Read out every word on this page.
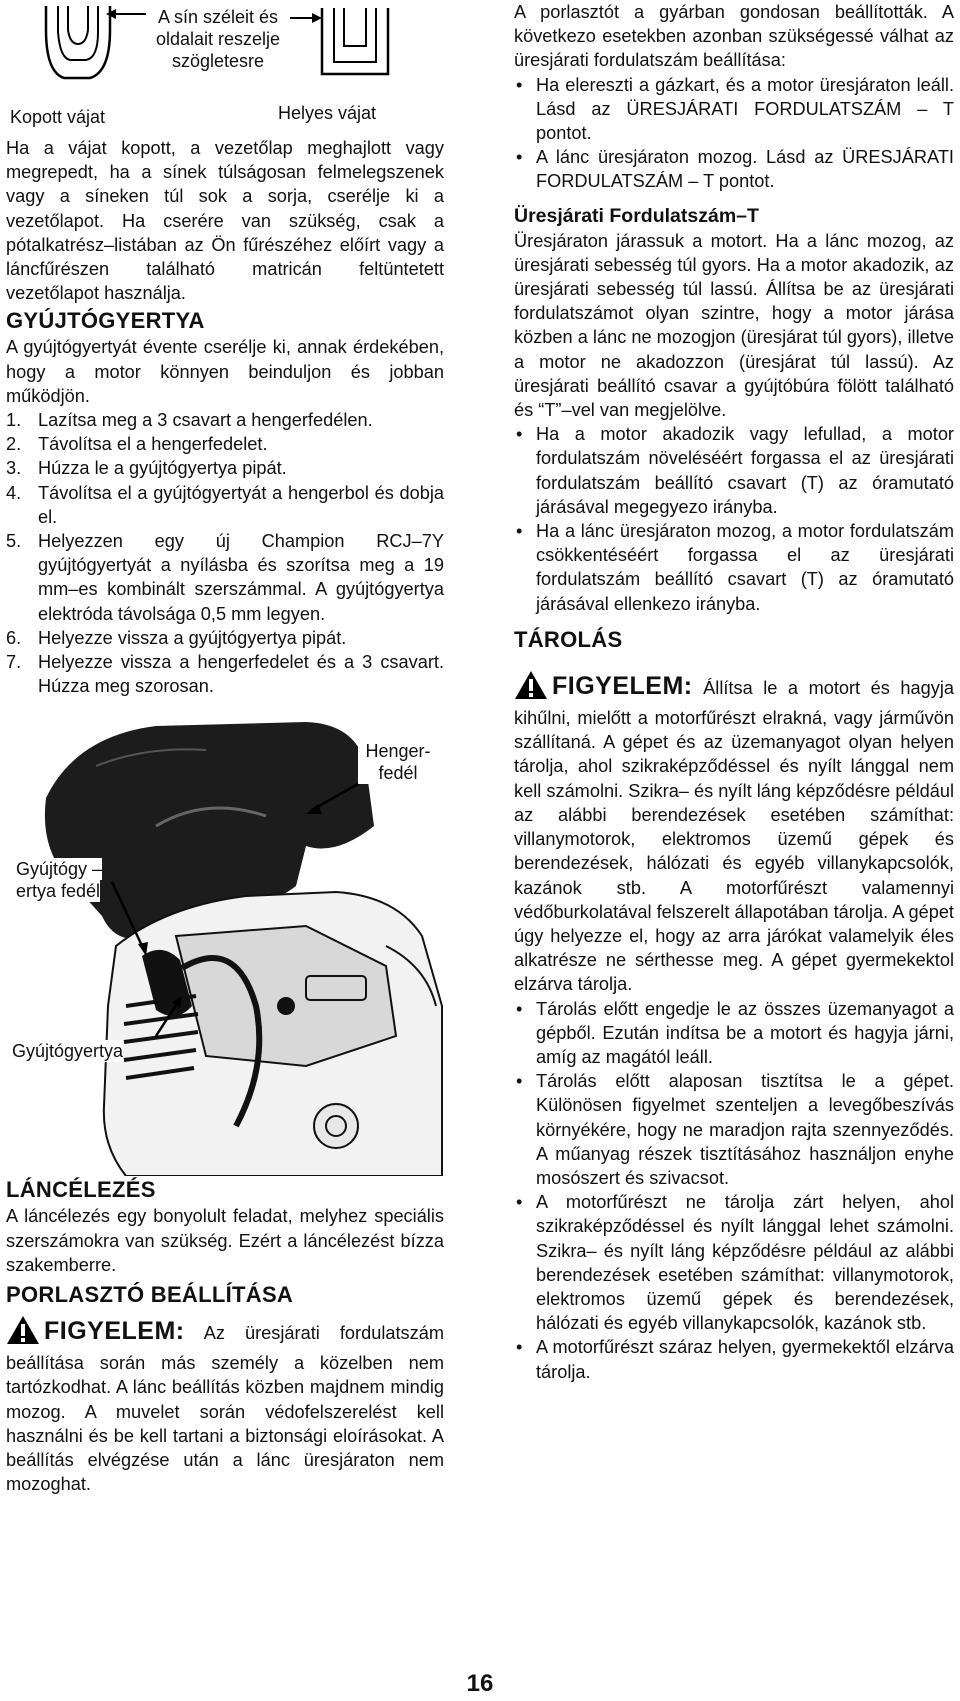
A sín széleit és oldalait reszelje szögletesre
Kopott vájat	Helyes vájat

Ha a vájat kopott, a vezetőlap meghajlott vagy megrepedt, ha a sínek túlságosan felmelegszenek vagy a síneken túl sok a sorja, cserélje ki a vezetőlapot. Ha cserére van szükség, csak a pótalkatrész–listában az Ön fűrészéhez előírt vagy a láncfűrészen található matricán feltüntetett vezetőlapot használja.

GYÚJTÓGYERTYA

A gyújtógyertyát évente cserélje ki, annak érdekében, hogy a motor könnyen beinduljon és jobban működjön.

1. Lazítsa meg a 3 csavart a hengerfedélen.
2. Távolítsa el a hengerfedelet.
3. Húzza le a gyújtógyertya pipát.
4. Távolítsa el a gyújtógyertyát a hengerbol és dobja el.
5. Helyezzen egy új Champion RCJ–7Y gyújtógyertyát a nyílásba és szorítsa meg a 19 mm–es kombinált szerszámmal. A gyújtógyertya elektróda távolsága 0,5 mm legyen.
6. Helyezze vissza a gyújtógyertya pipát.
7. Helyezze vissza a hengerfedelet és a 3 csavart. Húzza meg szorosan.
Henger- fedél
Gyújtógy –
ertya fedél
Gyújtógyertya
LÁNCÉLEZÉS

A láncélezés egy bonyolult feladat, melyhez speciális szerszámokra van szükség. Ezért a láncélezést bízza szakemberre.

PORLASZTÓ BEÁLLÍTÁSA

FIGYELEM: Az üresjárati fordulatszám beállítása során más személy a közelben nem tartózkodhat. A lánc beállítás közben majdnem mindig mozog. A muvelet során védofelszerelést kell használni és be kell tartani a biztonsági eloírásokat. A beállítás elvégzése után a lánc üresjáraton nem mozoghat.

A porlasztót a gyárban gondosan beállították. A következo esetekben azonban szükségessé válhat az üresjárati fordulatszám beállítása:

• Ha elereszti a gázkart, és a motor üresjáraton leáll. Lásd az ÜRESJÁRATI FORDULATSZÁM – T pontot.
• A lánc üresjáraton mozog. Lásd az ÜRESJÁRATI FORDULATSZÁM – T pontot.
Üresjárati Fordulatszám–T

Üresjáraton járassuk a motort. Ha a lánc mozog, az üresjárati sebesség túl gyors. Ha a motor akadozik, az üresjárati sebesség túl lassú. Állítsa be az üresjárati fordulatszámot olyan szintre, hogy a motor járása közben a lánc ne mozogjon (üresjárat túl gyors), illetve a motor ne akadozzon (üresjárat túl lassú). Az üresjárati beállító csavar a gyújtóbúra fölött található és “T”–vel van megjelölve.

• Ha a motor akadozik vagy lefullad, a motor fordulatszám növeléséért forgassa el az üresjárati fordulatszám beállító csavart (T) az óramutató járásával megegyezo irányba.
• Ha a lánc üresjáraton mozog, a motor fordulatszám csökkentéséért forgassa el az üresjárati fordulatszám beállító csavart (T) az óramutató járásával ellenkezo irányba.
TÁROLÁS

FIGYELEM: Állítsa le a motort és hagyja kihűlni, mielőtt a motorfűrészt elrakná, vagy járművön szállítaná. A gépet és az üzemanyagot olyan helyen tárolja, ahol szikraképződéssel és nyílt lánggal nem kell számolni. Szikra– és nyílt láng képződésre például az alábbi berendezések esetében számíthat: villanymotorok, elektromos üzemű gépek és berendezések, hálózati és egyéb villanykapcsolók, kazánok stb. A motorfűrészt valamennyi védőburkolatával felszerelt állapotában tárolja. A gépet úgy helyezze el, hogy az arra járókat valamelyik éles alkatrésze ne sérthesse meg. A gépet gyermekektol elzárva tárolja.

• Tárolás előtt engedje le az összes üzemanyagot a gépből. Ezután indítsa be a motort és hagyja járni, amíg az magától leáll.
• Tárolás előtt alaposan tisztítsa le a gépet. Különösen figyelmet szenteljen a levegőbeszívás környékére, hogy ne maradjon rajta szennyeződés. A műanyag részek tisztításához használjon enyhe mosószert és szivacsot.
• A motorfűrészt ne tárolja zárt helyen, ahol szikraképződéssel és nyílt lánggal lehet számolni. Szikra– és nyílt láng képződésre például az alábbi berendezések esetében számíthat: villanymotorok, elektromos üzemű gépek és berendezések, hálózati és egyéb villanykapcsolók, kazánok stb.
• A motorfűrészt száraz helyen, gyermekektől elzárva tárolja.
16
